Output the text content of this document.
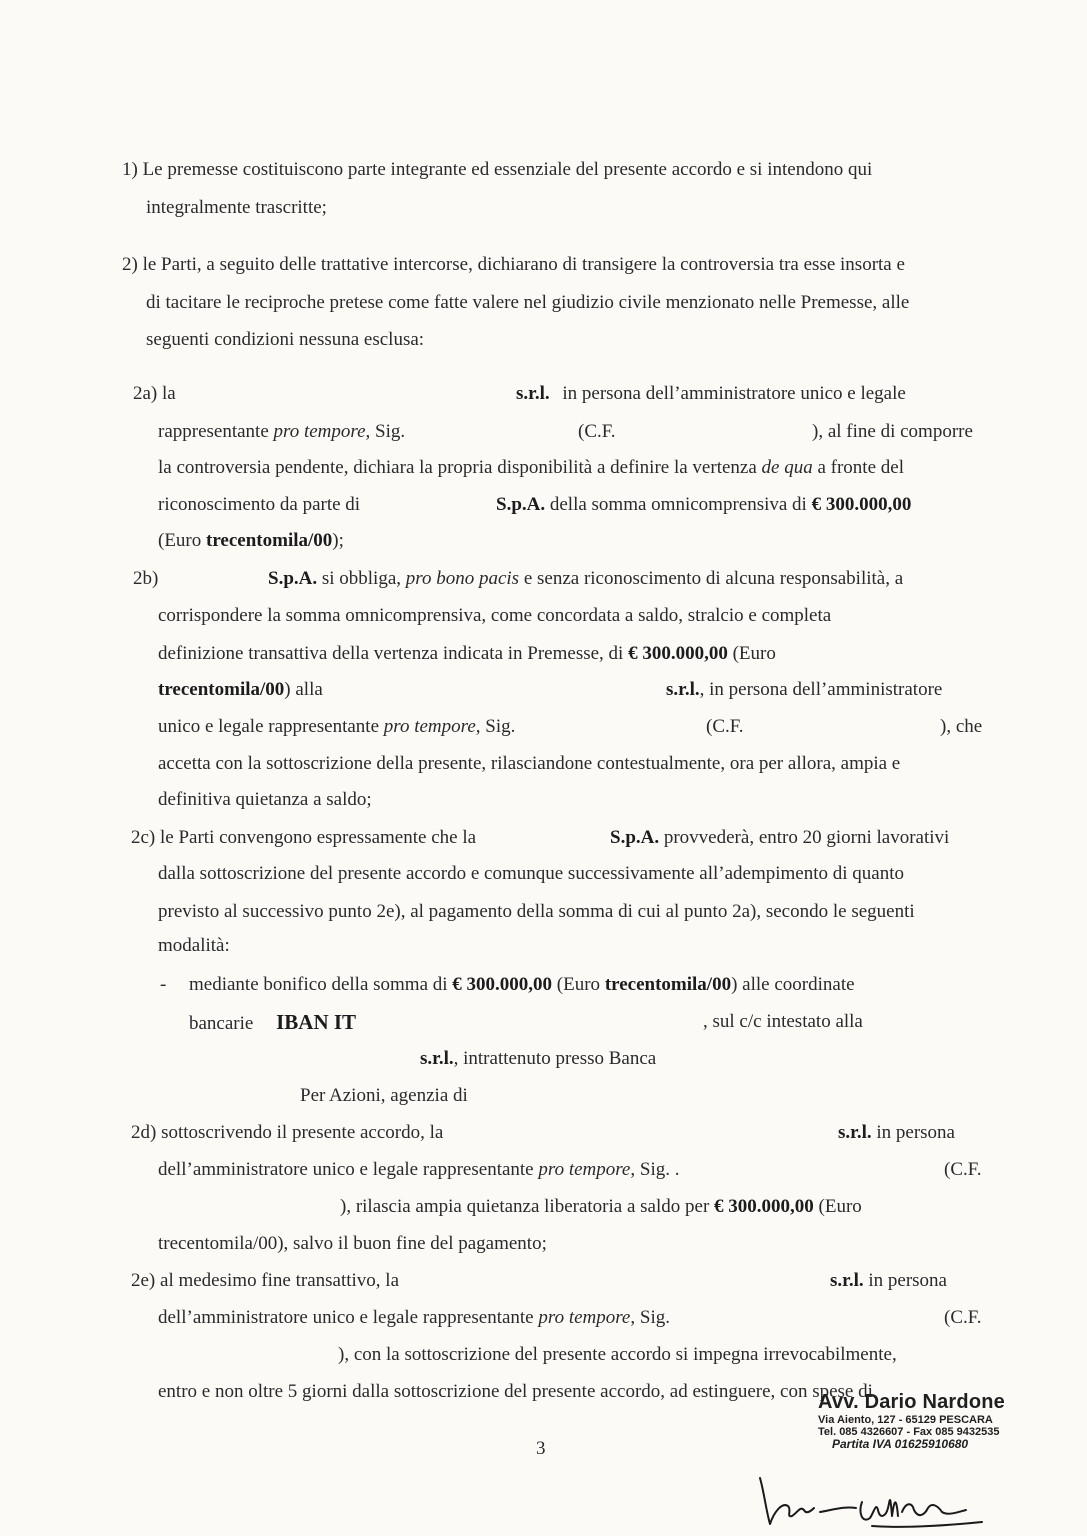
1) Le premesse costituiscono parte integrante ed essenziale del presente accordo e si intendono qui
integralmente trascritte;
2) le Parti, a seguito delle trattative intercorse, dichiarano di transigere la controversia tra esse insorta e
di tacitare le reciproche pretese come fatte valere nel giudizio civile menzionato nelle Premesse, alle
seguenti condizioni nessuna esclusa:
2a) la	s.r.l. in persona dell’amministratore unico e legale
rappresentante pro tempore, Sig.	(C.F.	), al fine di comporre
la controversia pendente, dichiara la propria disponibilità a definire la vertenza de qua a fronte del
riconoscimento da parte di	S.p.A. della somma omnicomprensiva di € 300.000,00
(Euro trecentomila/00);
2b)	S.p.A. si obbliga, pro bono pacis e senza riconoscimento di alcuna responsabilità, a
corrispondere la somma omnicomprensiva, come concordata a saldo, stralcio e completa
definizione transattiva della vertenza indicata in Premesse, di € 300.000,00 (Euro
trecentomila/00) alla	s.r.l., in persona dell’amministratore
unico e legale rappresentante pro tempore, Sig.	(C.F.	), che
accetta con la sottoscrizione della presente, rilasciandone contestualmente, ora per allora, ampia e
definitiva quietanza a saldo;
2c) le Parti convengono espressamente che la	S.p.A. provvederà, entro 20 giorni lavorativi
dalla sottoscrizione del presente accordo e comunque successivamente all’adempimento di quanto
previsto al successivo punto 2e), al pagamento della somma di cui al punto 2a), secondo le seguenti
modalità:
- mediante bonifico della somma di € 300.000,00 (Euro trecentomila/00) alle coordinate
bancarie IBAN IT	, sul c/c intestato alla
s.r.l., intrattenuto presso Banca
Per Azioni, agenzia di
2d) sottoscrivendo il presente accordo, la	s.r.l. in persona
dell’amministratore unico e legale rappresentante pro tempore, Sig. .	(C.F.
), rilascia ampia quietanza liberatoria a saldo per € 300.000,00 (Euro
trecentomila/00), salvo il buon fine del pagamento;
2e) al medesimo fine transattivo, la	s.r.l. in persona
dell’amministratore unico e legale rappresentante pro tempore, Sig.	(C.F.
), con la sottoscrizione del presente accordo si impegna irrevocabilmente,
entro e non oltre 5 giorni dalla sottoscrizione del presente accordo, ad estinguere, con spese di
3
Avv. Dario Nardone
Via Aiento, 127 - 65129 PESCARA
Tel. 085 4326607 - Fax 085 9432535
Partita IVA 01625910680
